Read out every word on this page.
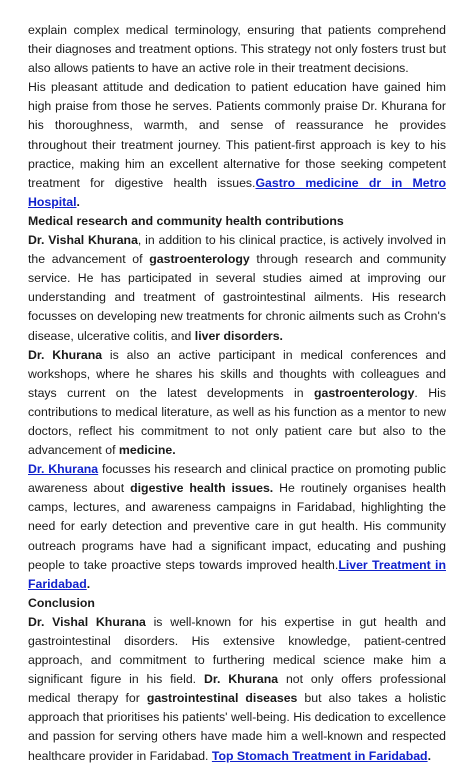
explain complex medical terminology, ensuring that patients comprehend their diagnoses and treatment options. This strategy not only fosters trust but also allows patients to have an active role in their treatment decisions.

His pleasant attitude and dedication to patient education have gained him high praise from those he serves. Patients commonly praise Dr. Khurana for his thoroughness, warmth, and sense of reassurance he provides throughout their treatment journey. This patient-first approach is key to his practice, making him an excellent alternative for those seeking competent treatment for digestive health issues.Gastro medicine dr in Metro Hospital.

Medical research and community health contributions

Dr. Vishal Khurana, in addition to his clinical practice, is actively involved in the advancement of gastroenterology through research and community service. He has participated in several studies aimed at improving our understanding and treatment of gastrointestinal ailments. His research focusses on developing new treatments for chronic ailments such as Crohn's disease, ulcerative colitis, and liver disorders.

Dr. Khurana is also an active participant in medical conferences and workshops, where he shares his skills and thoughts with colleagues and stays current on the latest developments in gastroenterology. His contributions to medical literature, as well as his function as a mentor to new doctors, reflect his commitment to not only patient care but also to the advancement of medicine.

Dr. Khurana focusses his research and clinical practice on promoting public awareness about digestive health issues. He routinely organises health camps, lectures, and awareness campaigns in Faridabad, highlighting the need for early detection and preventive care in gut health. His community outreach programs have had a significant impact, educating and pushing people to take proactive steps towards improved health.Liver Treatment in Faridabad.

Conclusion

Dr. Vishal Khurana is well-known for his expertise in gut health and gastrointestinal disorders. His extensive knowledge, patient-centred approach, and commitment to furthering medical science make him a significant figure in his field. Dr. Khurana not only offers professional medical therapy for gastrointestinal diseases but also takes a holistic approach that prioritises his patients' well-being. His dedication to excellence and passion for serving others have made him a well-known and respected healthcare provider in Faridabad. Top Stomach Treatment in Faridabad.
